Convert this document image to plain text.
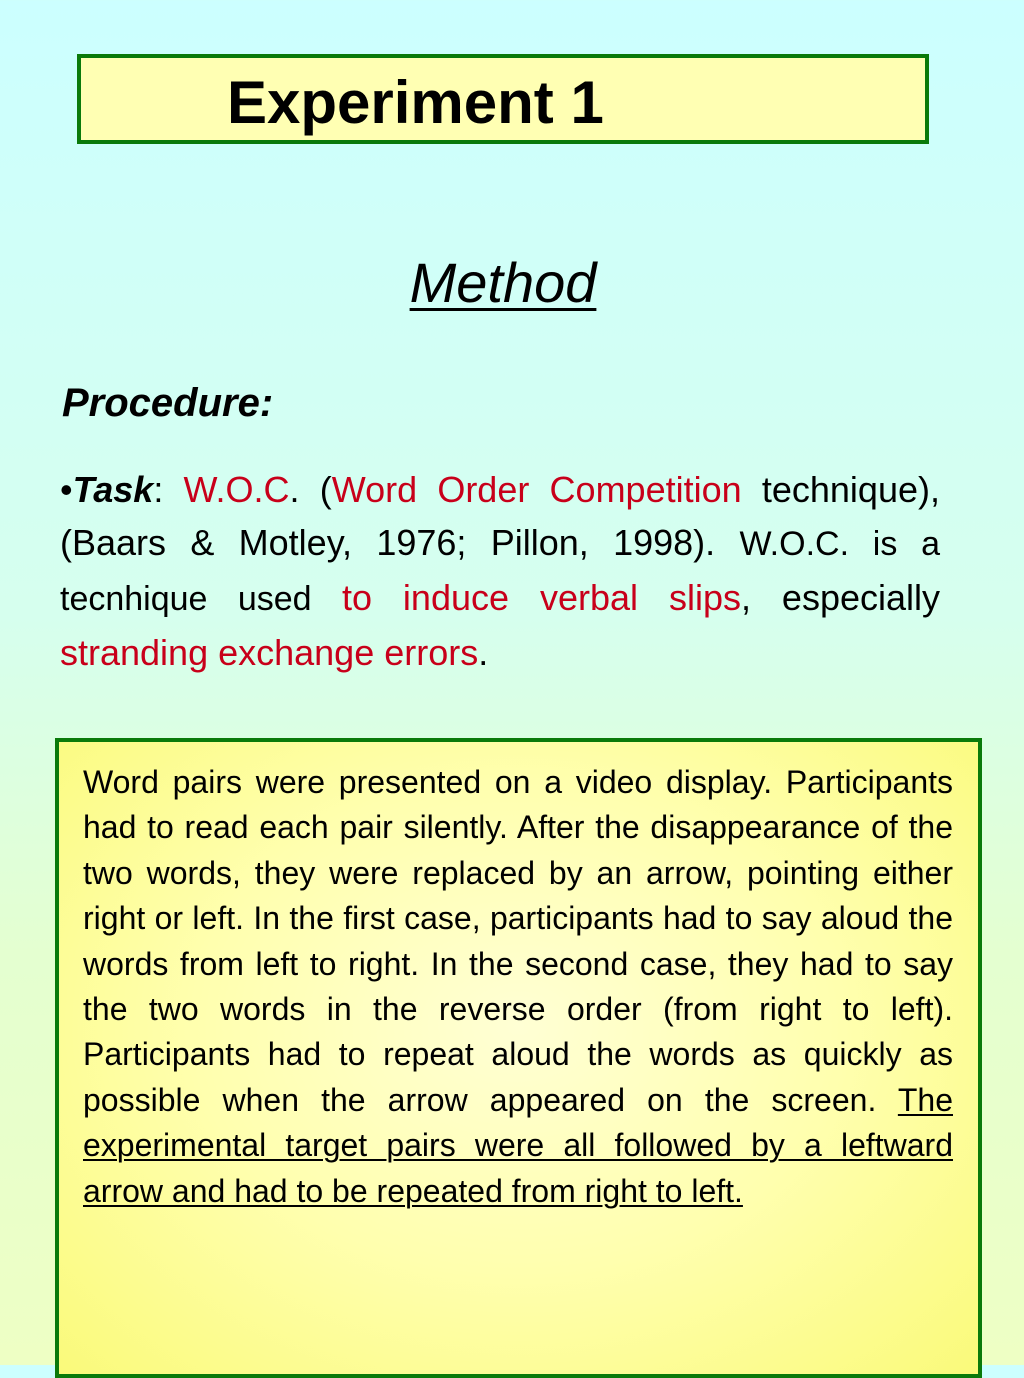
Experiment 1
Method
Procedure:
•Task: W.O.C. (Word Order Competition technique), (Baars & Motley, 1976; Pillon, 1998). W.O.C. is a tecnhique used to induce verbal slips, especially stranding exchange errors.
Word pairs were presented on a video display. Participants had to read each pair silently. After the disappearance of the two words, they were replaced by an arrow, pointing either right or left. In the first case, participants had to say aloud the words from left to right. In the second case, they had to say the two words in the reverse order (from right to left). Participants had to repeat aloud the words as quickly as possible when the arrow appeared on the screen. The experimental target pairs were all followed by a leftward arrow and had to be repeated from right to left.
